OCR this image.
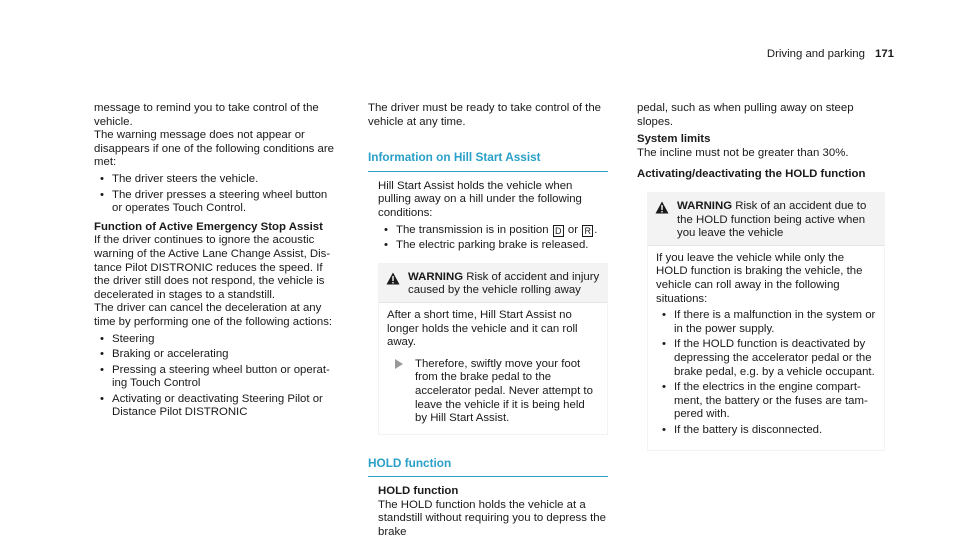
Driving and parking 171

message to remind you to take control of the vehicle.

The warning message does not appear or disappears if one of the following conditions are met:

• The driver steers the vehicle.
• The driver presses a steering wheel button or operates Touch Control.

Function of Active Emergency Stop Assist

If the driver continues to ignore the acoustic warning of the Active Lane Change Assist, Distance Pilot DISTRONIC reduces the speed. If the driver still does not respond, the vehicle is decelerated in stages to a standstill.

The driver can cancel the deceleration at any time by performing one of the following actions:

• Steering
• Braking or accelerating
• Pressing a steering wheel button or operating Touch Control
• Activating or deactivating Steering Pilot or Distance Pilot DISTRONIC

The driver must be ready to take control of the vehicle at any time.

Information on Hill Start Assist

Hill Start Assist holds the vehicle when pulling away on a hill under the following conditions:

• The transmission is in position D or R .
• The electric parking brake is released.
WARNING Risk of accident and injury caused by the vehicle rolling away

After a short time, Hill Start Assist no longer holds the vehicle and it can roll away.

Therefore, swiftly move your foot from the brake pedal to the accelerator pedal. Never attempt to leave the vehicle if it is being held by Hill Start Assist.

HOLD function

HOLD function

The HOLD function holds the vehicle at a standstill without requiring you to depress the brake

pedal, such as when pulling away on steep slopes.

System limits

The incline must not be greater than 30%.

Activating/deactivating the HOLD function

WARNING Risk of an accident due to the HOLD function being active when you leave the vehicle

If you leave the vehicle while only the HOLD function is braking the vehicle, the vehicle can roll away in the following situations:

• If there is a malfunction in the system or in the power supply.
• If the HOLD function is deactivated by depressing the accelerator pedal or the brake pedal, e.g. by a vehicle occupant.
• If the electrics in the engine compartment, the battery or the fuses are tampered with.
• If the battery is disconnected.
